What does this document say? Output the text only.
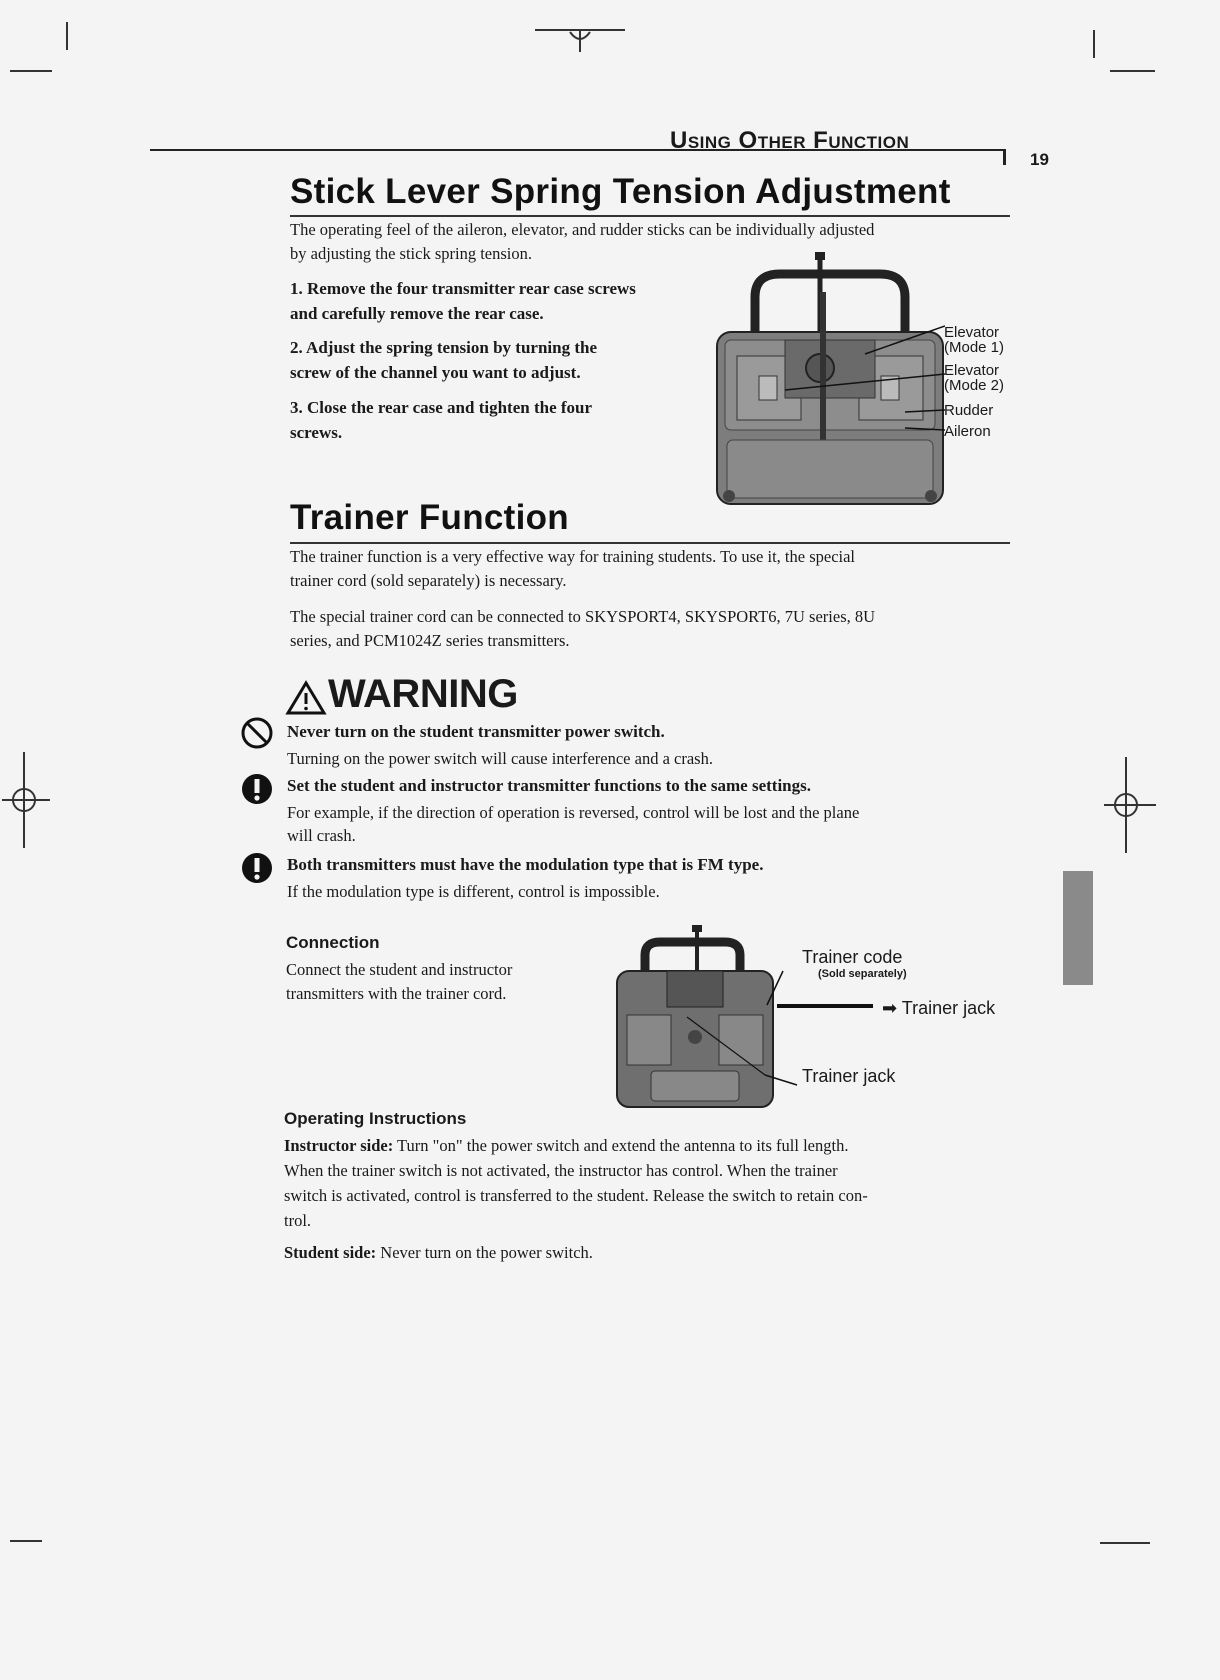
Using Other Function
19
Stick Lever Spring Tension Adjustment

The operating feel of the aileron, elevator, and rudder sticks can be individually adjusted

by adjusting the stick spring tension.

1. Remove the four transmitter rear case screws
and carefully remove the rear case.

2. Adjust the spring tension by turning the
screw of the channel you want to adjust.

3. Close the rear case and tighten the four
screws.

Elevator
(Mode 1)
Elevator
(Mode 2)
Rudder
Aileron
Trainer Function

The trainer function is a very effective way for training students. To use it, the special

trainer cord (sold separately) is necessary.

The special trainer cord can be connected to SKYSPORT4, SKYSPORT6, 7U series, 8U

series, and PCM1024Z series transmitters.

WARNING
Never turn on the student transmitter power switch.
Turning on the power switch will cause interference and a crash.
Set the student and instructor transmitter functions to the same settings.
For example, if the direction of operation is reversed, control will be lost and the plane
will crash.
Both transmitters must have the modulation type that is FM type.
If the modulation type is different, control is impossible.
Connection

Connect the student and instructor

transmitters with the trainer cord.

Trainer code
(Sold separately)
➡ Trainer jack
Trainer jack
Operating Instructions

Instructor side: Turn "on" the power switch and extend the antenna to its full length.

When the trainer switch is not activated, the instructor has control. When the trainer

switch is activated, control is transferred to the student. Release the switch to retain con-

trol.

Student side: Never turn on the power switch.
